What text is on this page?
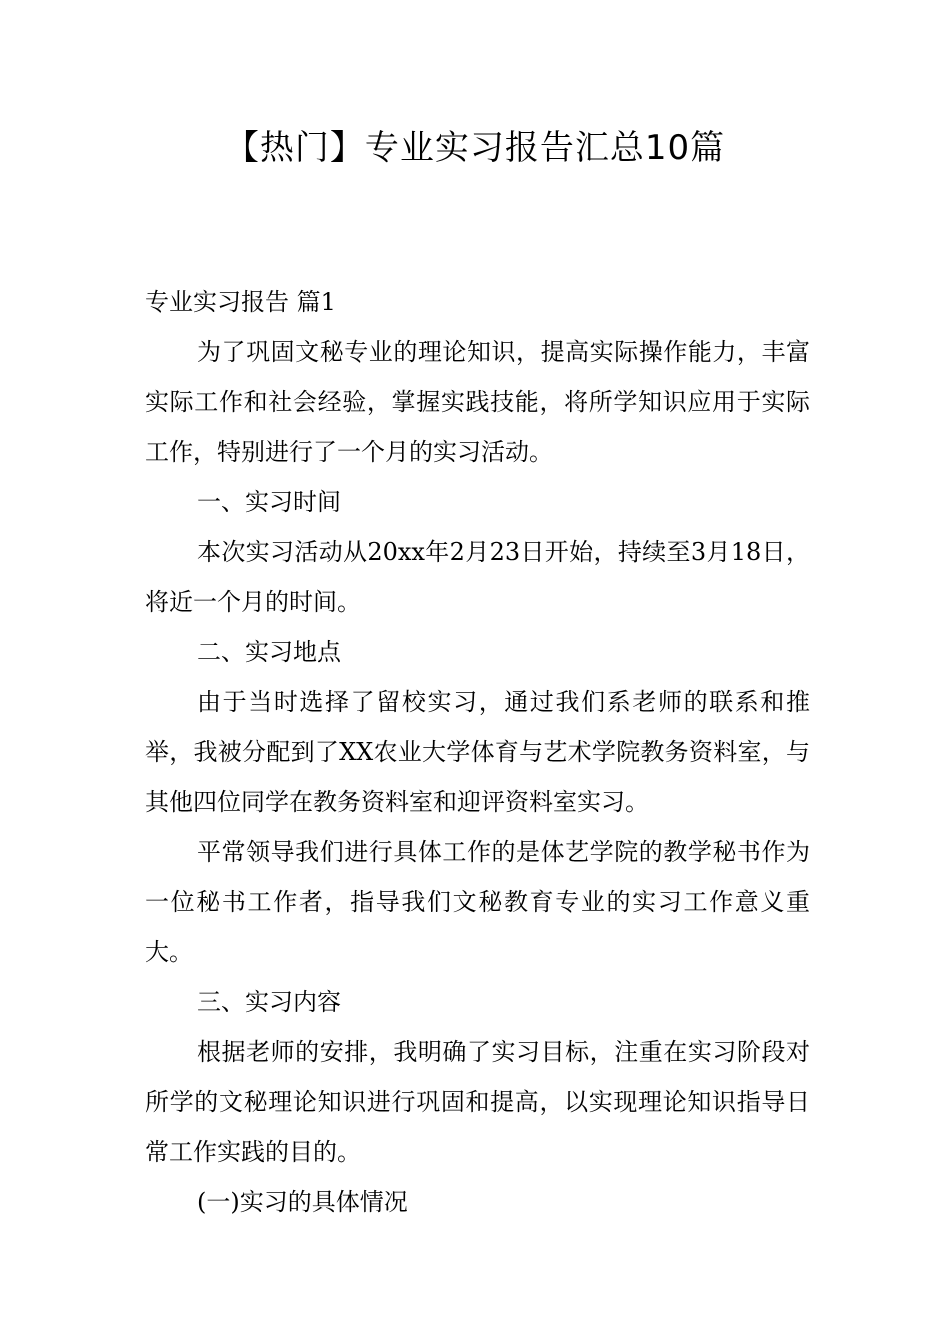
【热门】专业实习报告汇总10篇

专业实习报告 篇1

为了巩固文秘专业的理论知识，提高实际操作能力，丰富实际工作和社会经验，掌握实践技能，将所学知识应用于实际工作，特别进行了一个月的实习活动。

一、实习时间

本次实习活动从20xx年2月23日开始，持续至3月18日，将近一个月的时间。

二、实习地点

由于当时选择了留校实习，通过我们系老师的联系和推举，我被分配到了XX农业大学体育与艺术学院教务资料室，与其他四位同学在教务资料室和迎评资料室实习。

平常领导我们进行具体工作的是体艺学院的教学秘书作为一位秘书工作者，指导我们文秘教育专业的实习工作意义重大。

三、实习内容

根据老师的安排，我明确了实习目标，注重在实习阶段对所学的文秘理论知识进行巩固和提高，以实现理论知识指导日常工作实践的目的。

(一)实习的具体情况
